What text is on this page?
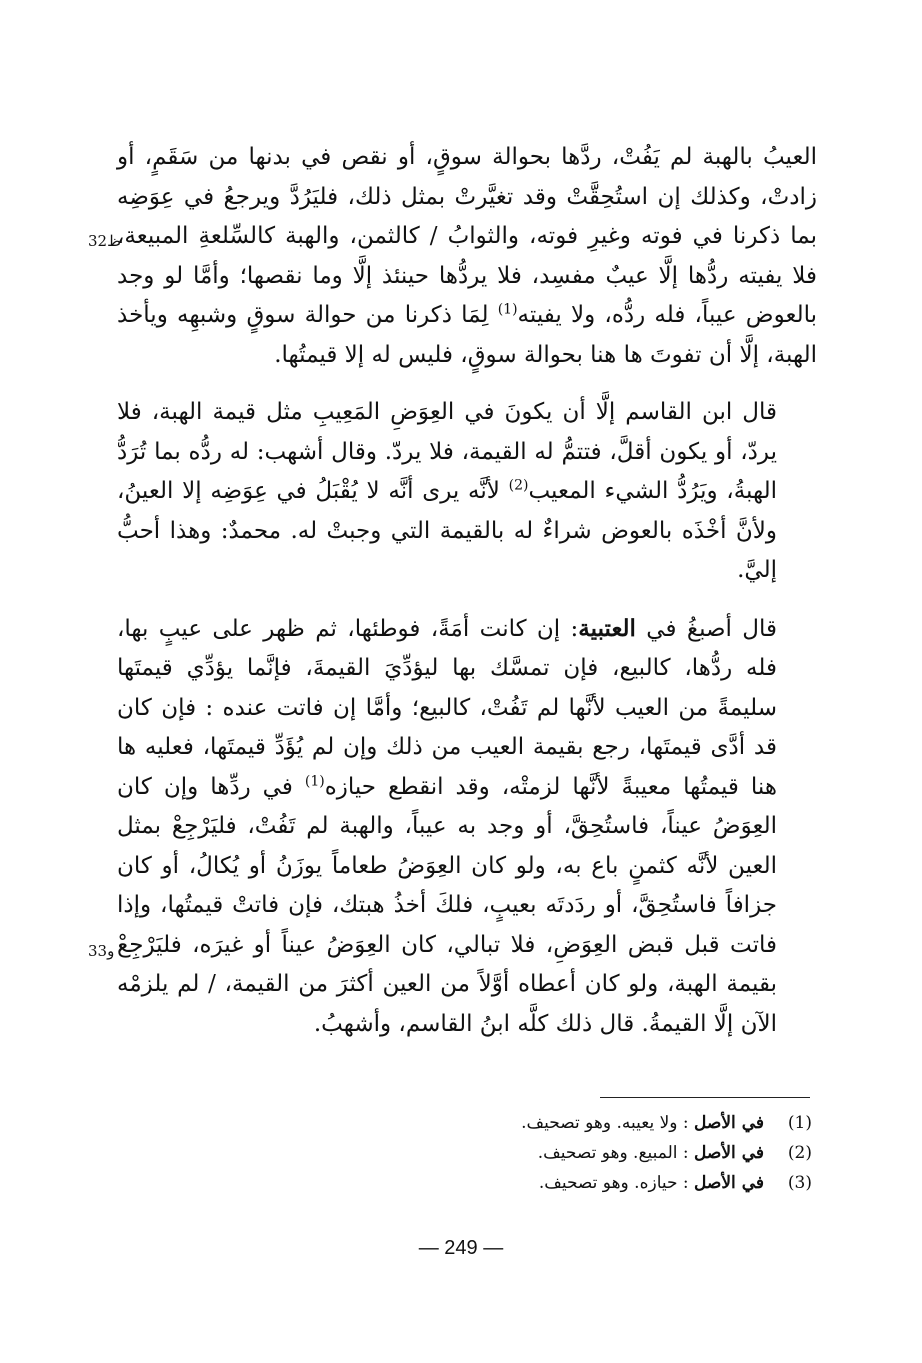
العيبُ بالهبة لم يَفُتْ، ردَّها بحوالة سوقٍ، أو نقص في بدنها من سَقَمٍ، أو زادتْ، وكذلك إن استُحِقَّتْ وقد تغيَّرتْ بمثل ذلك، فليَرُدَّ ويرجعُ في عِوَضِه بما ذكرنا في فوته وغيرِ فوته، والثوابُ / كالثمن، والهبة كالسِّلعةِ المبيعة، فلا يفيته ردُّها إلَّا عيبٌ مفسِد، فلا يردُّها حينئذ إلَّا وما نقصها؛ وأمَّا لو وجد بالعوض عيباً، فله ردُّه، ولا يفيته$^{(1)}$ لِمَا ذكرنا من حوالة سوقٍ وشبهِه ويأخذ الهبة، إلَّا أن تفوتَ ها هنا بحوالة سوقٍ، فليس له إلا قيمتُها.

قال ابن القاسم إلَّا أن يكونَ في العِوَضِ المَعِيبِ مثل قيمة الهبة، فلا يردّ، أو يكون أقلَّ، فتتمُّ له القيمة، فلا يردّ. وقال أشهب: له ردُّه بما تُرَدُّ الهبةُ، ويَرُدُّ الشيء المعيب$^{(2)}$ لأنَّه يرى أنَّه لا يُقْبَلُ في عِوَضِه إلا العينُ، ولأنَّ أخْذَه بالعوض شراءٌ له بالقيمة التي وجبتْ له. محمدٌ: وهذا أحبُّ إليَّ.

قال أصبغُ في العتبية: إن كانت أمَةً، فوطئها، ثم ظهر على عيبٍ بها، فله ردُّها، كالبيع، فإن تمسَّك بها ليؤدِّيَ القيمةَ، فإنَّما يؤدِّي قيمتَها سليمةً من العيب لأنَّها لم تَفُتْ، كالبيع؛ وأمَّا إن فاتت عنده : فإن كان قد أدَّى قيمتَها، رجع بقيمة العيب من ذلك وإن لم يُؤَدِّ قيمتَها، فعليه ها هنا قيمتُها معيبةً لأنَّها لزمتْه، وقد انقطع حيازه$^{(1)}$ في ردِّها وإن كان العِوَضُ عيناً، فاستُحِقَّ، أو وجد به عيباً، والهبة لم تَفُتْ، فليَرْجِعْ بمثل العين لأنَّه كثمنٍ باع به، ولو كان العِوَضُ طعاماً يوزَنُ أو يُكالُ، أو كان جزافاً فاستُحِقَّ، أو ردَدتَه بعيبٍ، فلكَ أخذُ هبتك، فإن فاتتْ قيمتُها، وإذا فاتت قبل قبض العِوَضِ، فلا تبالي، كان العِوَضُ عيناً أو غيرَه، فليَرْجِعْ بقيمة الهبة، ولو كان أعطاه أوَّلاً من العين أكثرَ من القيمة، / لم يلزمْه الآن إلَّا القيمةُ. قال ذلك كلَّه ابنُ القاسم، وأشهبُ.

ظ32
و33
(1)
في الأصل : ولا يعيبه. وهو تصحيف.
(2)
في الأصل : المبيع. وهو تصحيف.
(3)
في الأصل : حيازه. وهو تصحيف.
— 249 —
